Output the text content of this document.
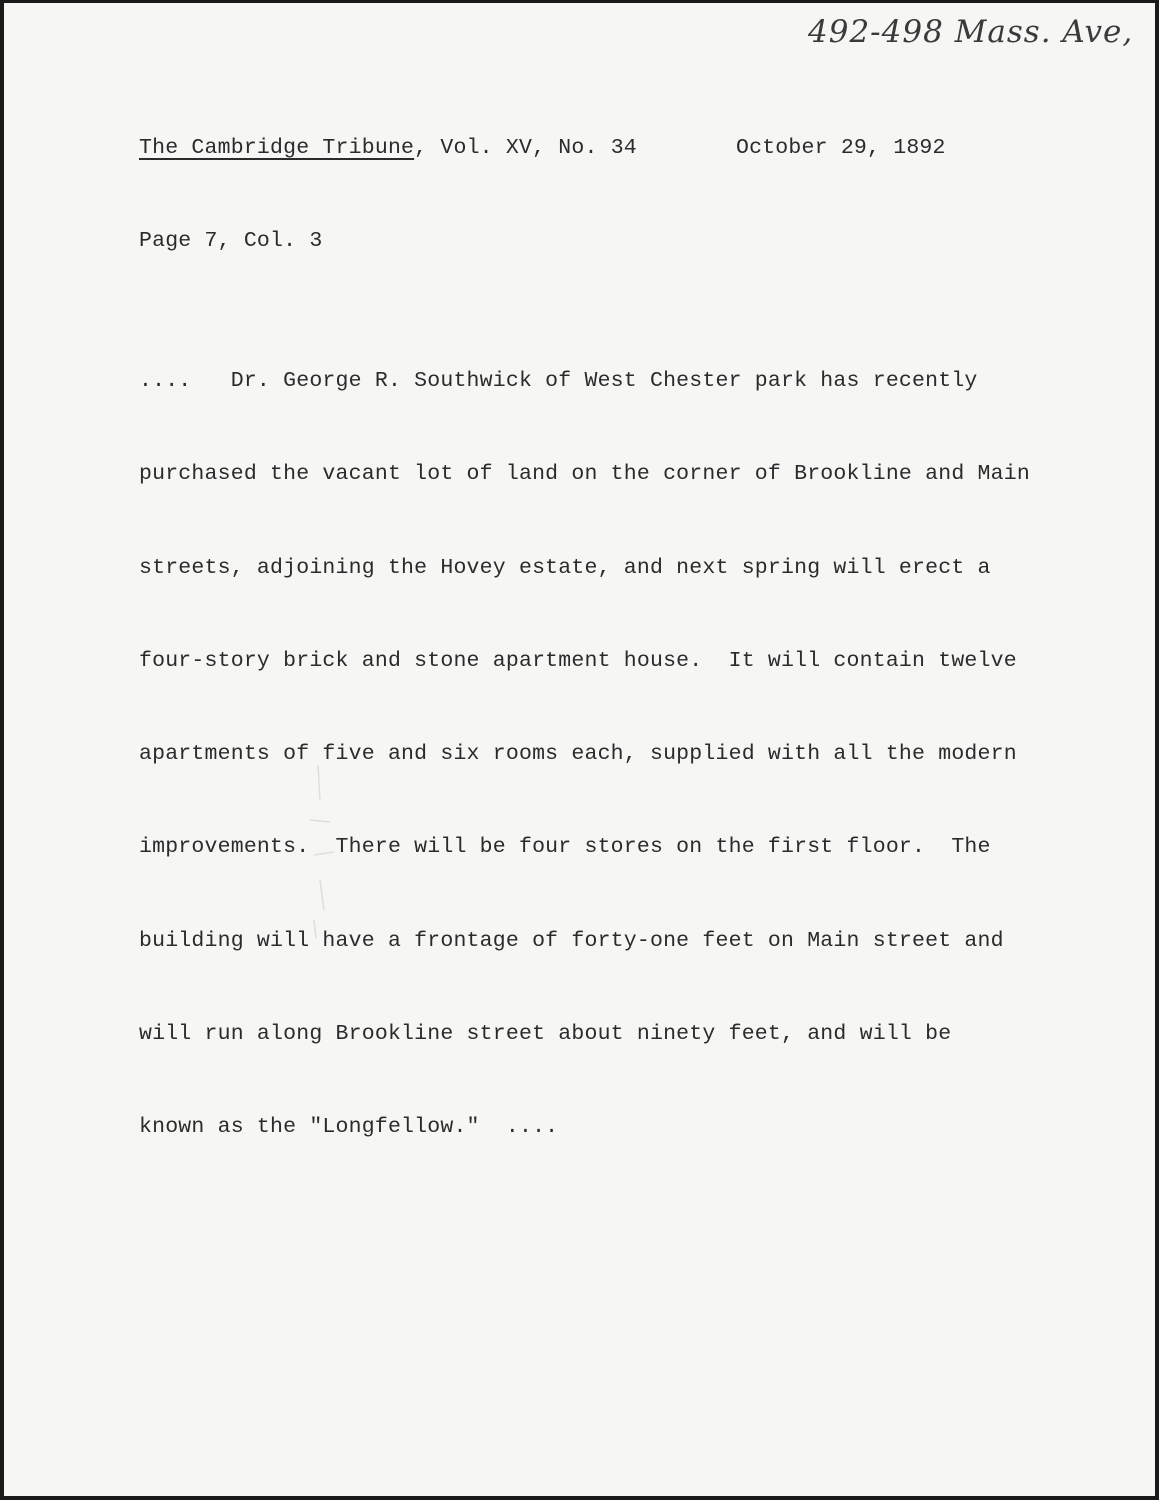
492-498 Mass. Ave,
The Cambridge Tribune, Vol. XV, No. 34	October 29, 1892
Page 7, Col. 3

....   Dr. George R. Southwick of West Chester park has recently

purchased the vacant lot of land on the corner of Brookline and Main

streets, adjoining the Hovey estate, and next spring will erect a

four-story brick and stone apartment house.  It will contain twelve

apartments of five and six rooms each, supplied with all the modern

improvements.  There will be four stores on the first floor.  The

building will have a frontage of forty-one feet on Main street and

will run along Brookline street about ninety feet, and will be

known as the "Longfellow."  ....
